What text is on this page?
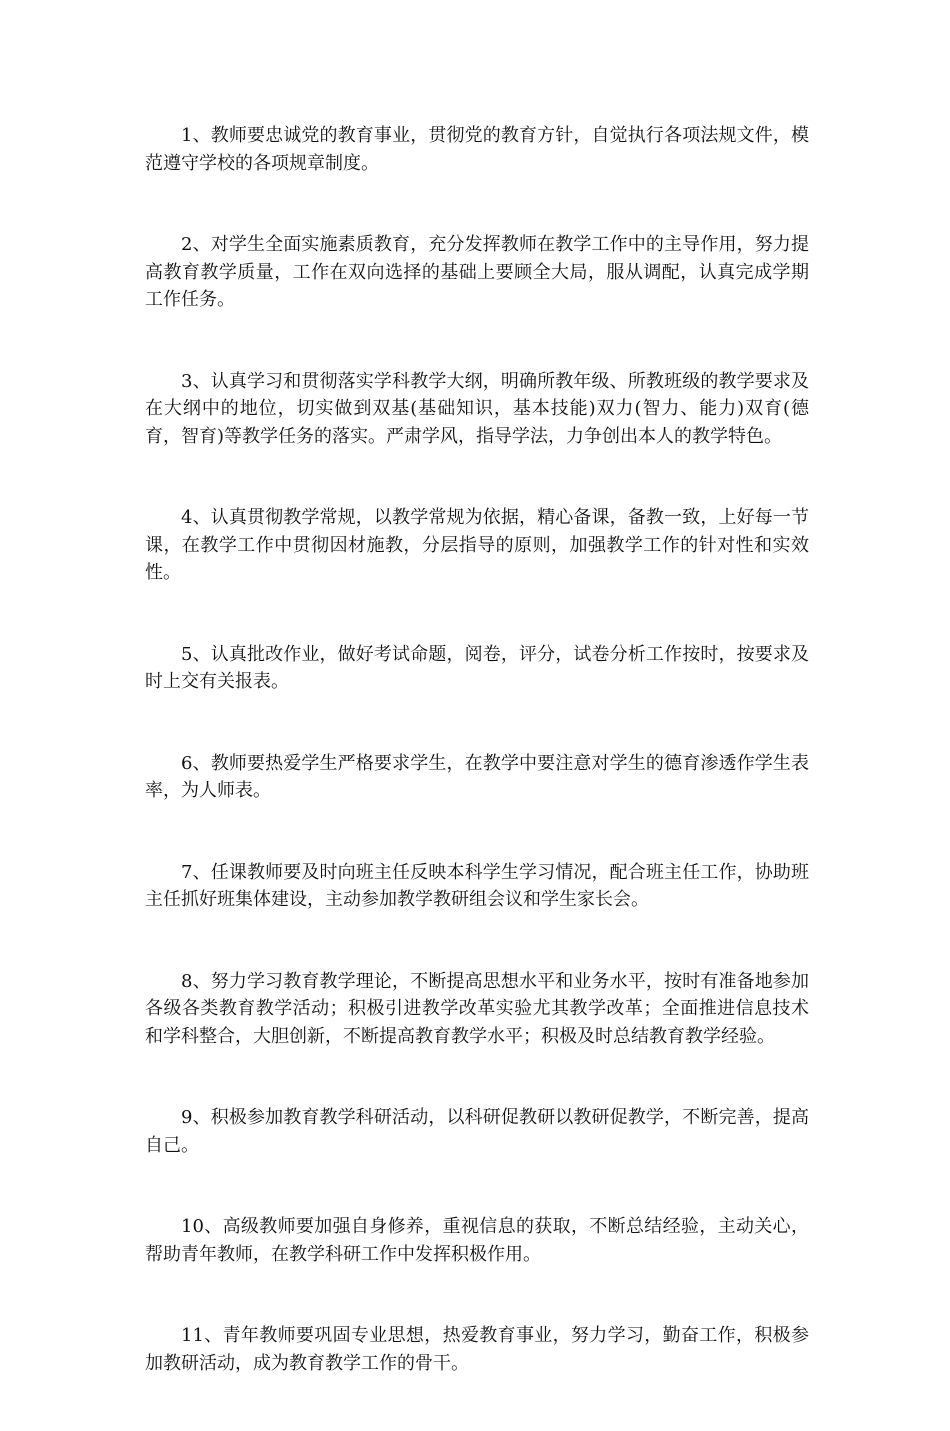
1、教师要忠诚党的教育事业，贯彻党的教育方针，自觉执行各项法规文件，模范遵守学校的各项规章制度。

2、对学生全面实施素质教育，充分发挥教师在教学工作中的主导作用，努力提高教育教学质量，工作在双向选择的基础上要顾全大局，服从调配，认真完成学期工作任务。

3、认真学习和贯彻落实学科教学大纲，明确所教年级、所教班级的教学要求及在大纲中的地位，切实做到双基(基础知识，基本技能)双力(智力、能力)双育(德育，智育)等教学任务的落实。严肃学风，指导学法，力争创出本人的教学特色。

4、认真贯彻教学常规，以教学常规为依据，精心备课，备教一致，上好每一节课，在教学工作中贯彻因材施教，分层指导的原则，加强教学工作的针对性和实效性。

5、认真批改作业，做好考试命题，阅卷，评分，试卷分析工作按时，按要求及时上交有关报表。

6、教师要热爱学生严格要求学生，在教学中要注意对学生的德育渗透作学生表率，为人师表。

7、任课教师要及时向班主任反映本科学生学习情况，配合班主任工作，协助班主任抓好班集体建设，主动参加教学教研组会议和学生家长会。

8、努力学习教育教学理论，不断提高思想水平和业务水平，按时有准备地参加各级各类教育教学活动；积极引进教学改革实验尤其教学改革；全面推进信息技术和学科整合，大胆创新，不断提高教育教学水平；积极及时总结教育教学经验。

9、积极参加教育教学科研活动，以科研促教研以教研促教学，不断完善，提高自己。

10、高级教师要加强自身修养，重视信息的获取，不断总结经验，主动关心，帮助青年教师，在教学科研工作中发挥积极作用。

11、青年教师要巩固专业思想，热爱教育事业，努力学习，勤奋工作，积极参加教研活动，成为教育教学工作的骨干。
